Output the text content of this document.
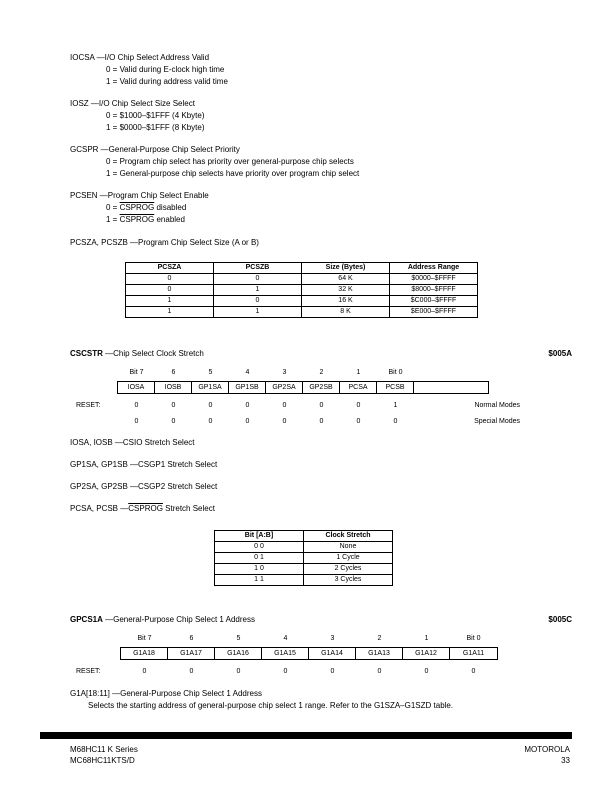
IOCSA —I/O Chip Select Address Valid
0 = Valid during E-clock high time
1 = Valid during address valid time
IOSZ —I/O Chip Select Size Select
0 = $1000–$1FFF (4 Kbyte)
1 = $0000–$1FFF (8 Kbyte)
GCSPR —General-Purpose Chip Select Priority
0 = Program chip select has priority over general-purpose chip selects
1 = General-purpose chip selects have priority over program chip select
PCSEN —Program Chip Select Enable
0 = CSPROG disabled
1 = CSPROG enabled
PCSZA, PCSZB —Program Chip Select Size (A or B)
PCSZA	PCSZB	Size (Bytes)	Address Range
0	0	64 K	$0000–$FFFF
0	1	32 K	$8000–$FFFF
1	0	16 K	$C000–$FFFF
1	1	8 K	$E000–$FFFF
CSCSTR —Chip Select Clock Stretch	$005A
Bit 7	6	5	4	3	2	1	Bit 0
IOSA	IOSB	GP1SA	GP1SB	GP2SA	GP2SB	PCSA	PCSB
RESET:	0	0	0	0	0	0	0	1	Normal Modes
0	0	0	0	0	0	0	0	Special Modes
IOSA, IOSB —CSIO Stretch Select
GP1SA, GP1SB —CSGP1 Stretch Select
GP2SA, GP2SB —CSGP2 Stretch Select
PCSA, PCSB —CSPROG Stretch Select
Bit [A:B]	Clock Stretch
0 0	None
0 1	1 Cycle
1 0	2 Cycles
1 1	3 Cycles
GPCS1A —General-Purpose Chip Select 1 Address	$005C
Bit 7	6	5	4	3	2	1	Bit 0
G1A18	G1A17	G1A16	G1A15	G1A14	G1A13	G1A12	G1A11
RESET:	0	0	0	0	0	0	0	0
G1A[18:11] —General-Purpose Chip Select 1 Address
Selects the starting address of general-purpose chip select 1 range. Refer to the G1SZA–G1SZD table.
M68HC11 K Series
MC68HC11KTS/D
MOTOROLA
33
